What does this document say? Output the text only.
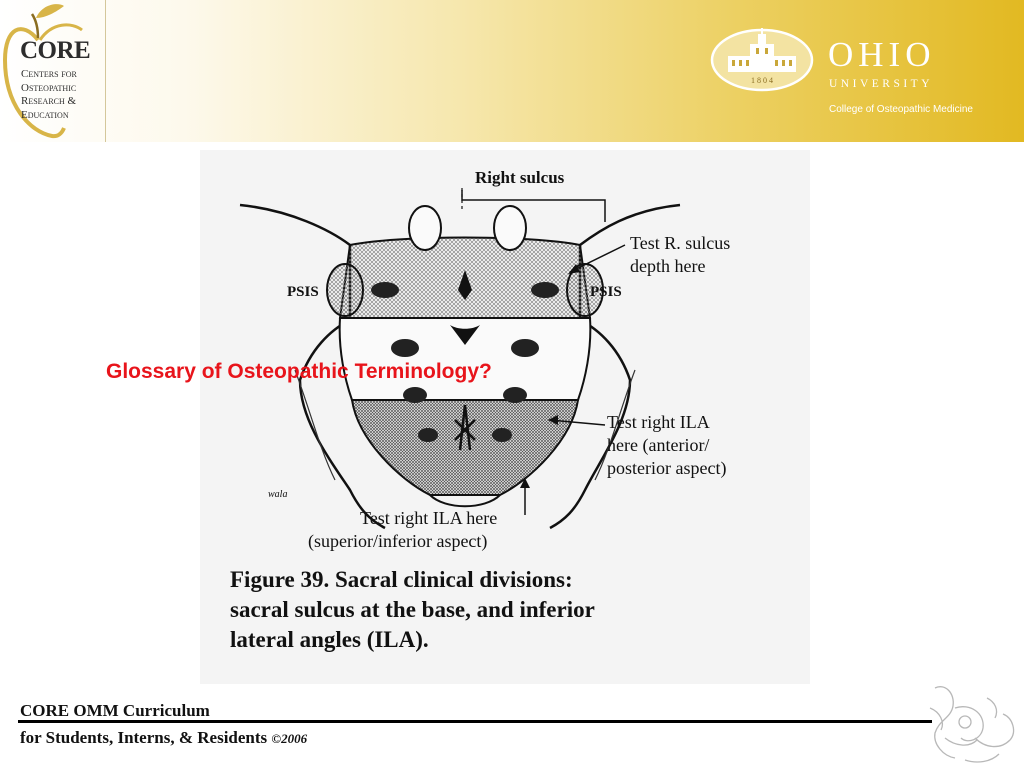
CORE
Centers for
Osteopathic
Research &
Education
1 8 0 4
OHIO
UNIVERSITY
College of Osteopathic Medicine
Right sulcus
Test R. sulcus
depth here
PSIS	PSIS
Test right ILA
here (anterior/
posterior aspect)
Test right ILA here
(superior/inferior aspect)
wala
Figure 39. Sacral clinical divisions:
sacral sulcus at the base, and inferior
lateral angles (ILA).
Glossary of Osteopathic Terminology?
CORE OMM Curriculum
for Students, Interns, & Residents ©2006
